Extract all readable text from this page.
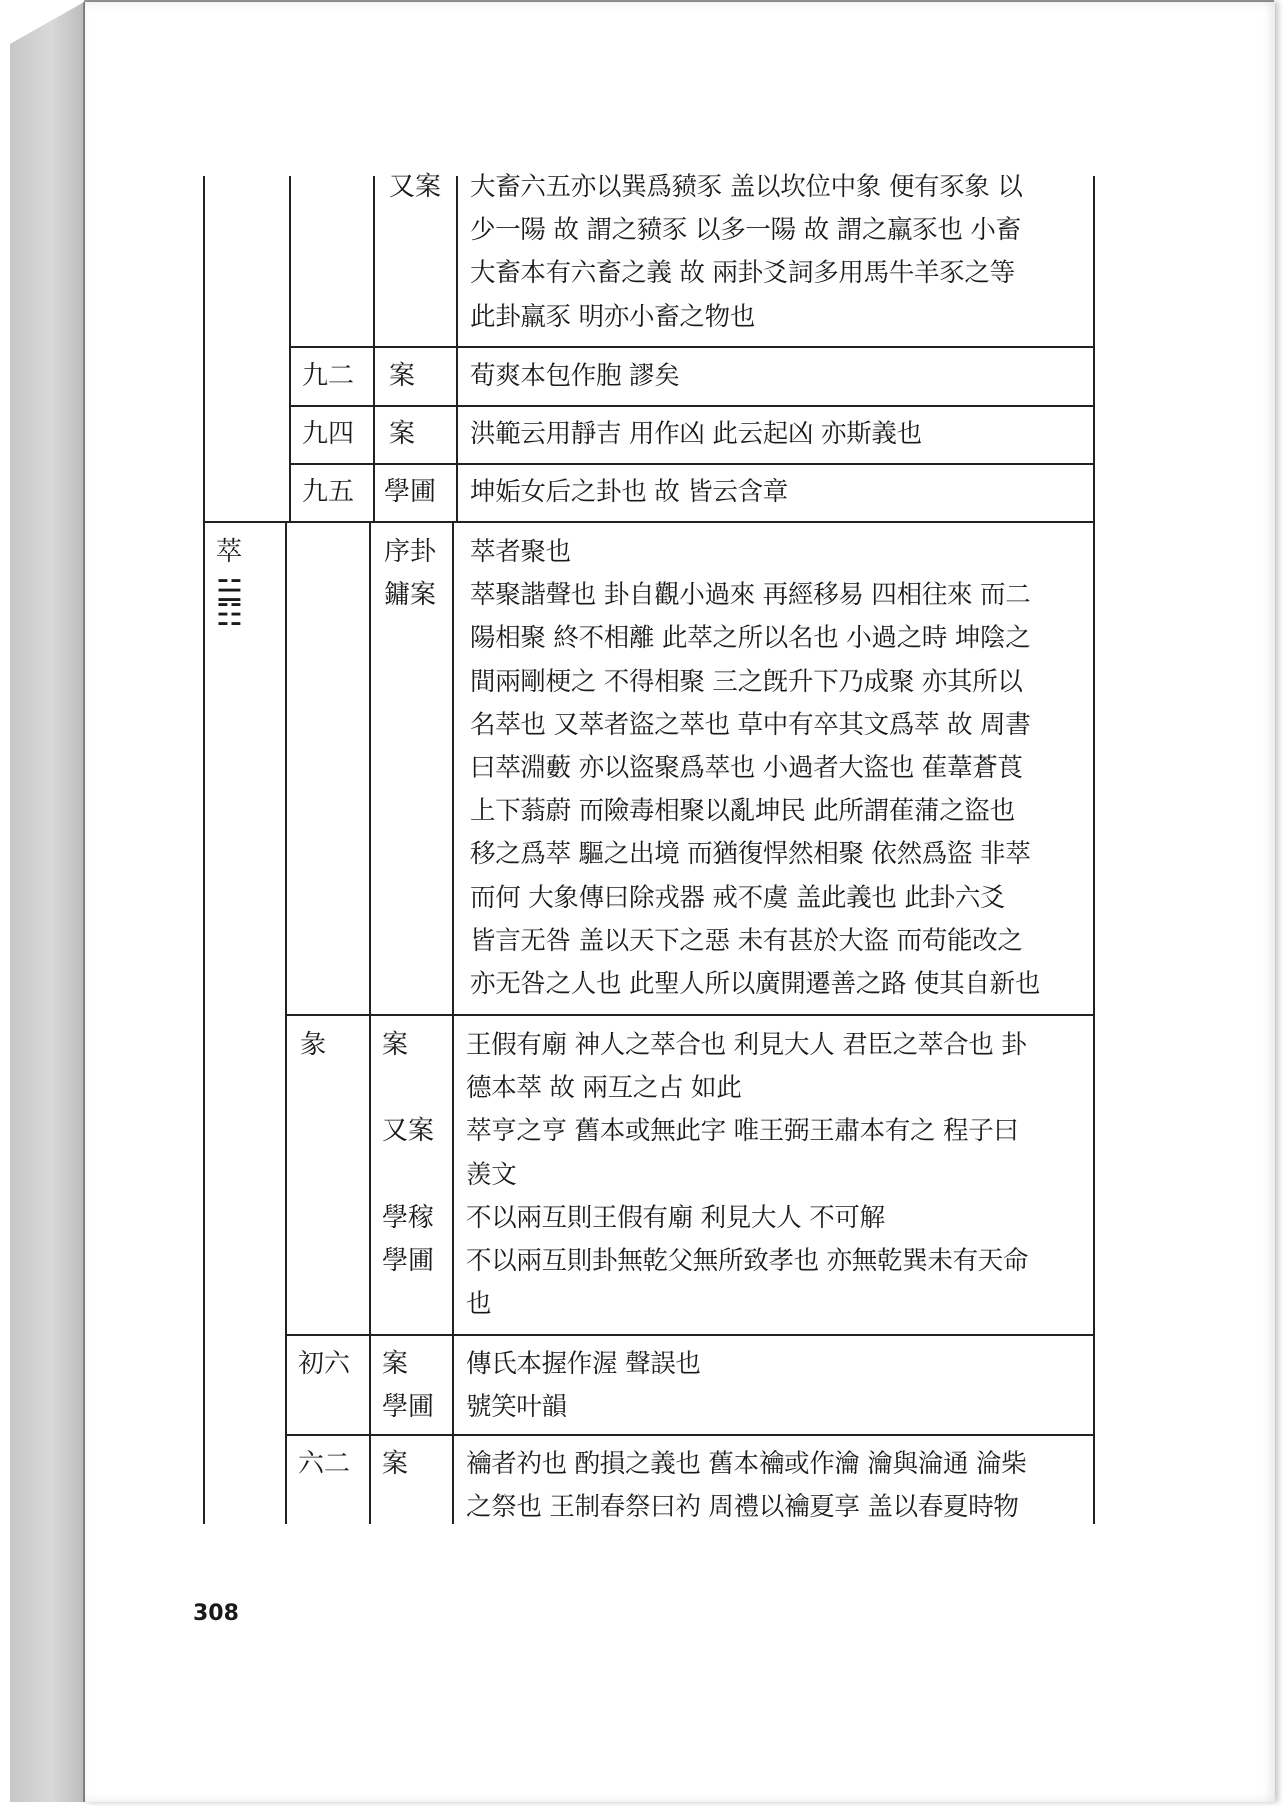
又案 大畜六五亦以巽爲豮豕 盖以坎位中象 便有豕象 以
少一陽 故 謂之豮豕 以多一陽 故 謂之羸豕也 小畜
大畜本有六畜之義 故 兩卦爻詞多用馬牛羊豕之等
此卦羸豕 明亦小畜之物也
九二 案 荀爽本包作胞 謬矣
九四 案 洪範云用靜吉 用作凶 此云起凶 亦斯義也
九五 學圃 坤姤女后之卦也 故 皆云含章
萃
☱
☷
序卦
鏞案
萃者聚也
萃聚諧聲也 卦自觀小過來 再經移易 四相往來 而二
陽相聚 終不相離 此萃之所以名也 小過之時 坤陰之
間兩剛梗之 不得相聚 三之旣升下乃成聚 亦其所以
名萃也 又萃者盜之萃也 草中有卒其文爲萃 故 周書
曰萃淵藪 亦以盜聚爲萃也 小過者大盜也 萑葦蒼莨
上下蓊蔚 而險毒相聚以亂坤民 此所謂萑蒲之盜也
移之爲萃 驅之出境 而猶復悍然相聚 依然爲盜 非萃
而何 大象傳曰除戎器 戒不虞 盖此義也 此卦六爻
皆言无咎 盖以天下之惡 未有甚於大盜 而苟能改之
亦无咎之人也 此聖人所以廣開遷善之路 使其自新也
彖 案
又案
學稼
學圃
王假有廟 神人之萃合也 利見大人 君臣之萃合也 卦
德本萃 故 兩互之占 如此
萃亨之亨 舊本或無此字 唯王弼王肅本有之 程子曰
羡文
不以兩互則王假有廟 利見大人 不可解
不以兩互則卦無乾父無所致孝也 亦無乾巽未有天命
也
初六 案
學圃
傳氏本握作渥 聲誤也
號笑叶韻
六二 案 禴者礿也 酌損之義也 舊本禴或作瀹 瀹與淪通 淪柴
之祭也 王制春祭曰礿 周禮以禴夏享 盖以春夏時物
308
